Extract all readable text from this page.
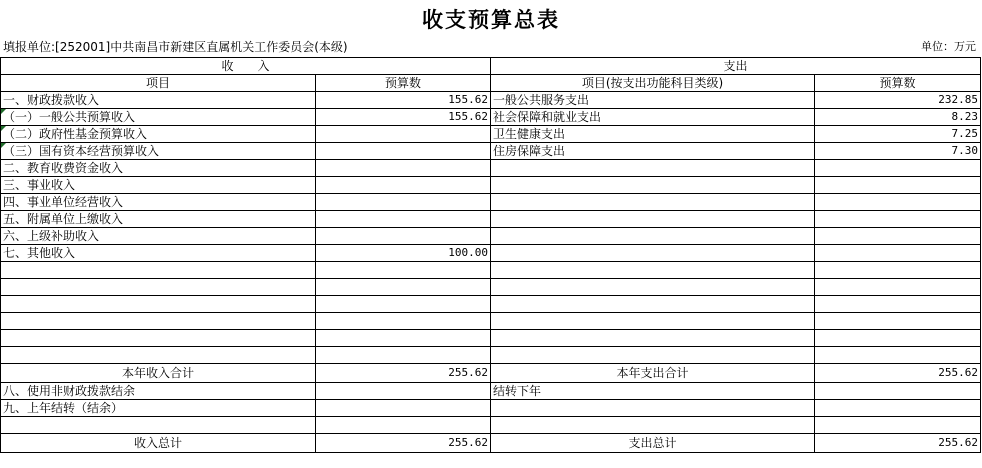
收支预算总表
填报单位:[252001]中共南昌市新建区直属机关工作委员会(本级)	单位：万元
收　　入		支出	
项目	预算数	项目(按支出功能科目类级)	预算数
一、财政拨款收入	155.62	一般公共服务支出	232.85
（一）一般公共预算收入	155.62	社会保障和就业支出	8.23
（二）政府性基金预算收入		卫生健康支出	7.25
（三）国有资本经营预算收入		住房保障支出	7.30
二、教育收费资金收入			
三、事业收入			
四、事业单位经营收入			
五、附属单位上缴收入			
六、上级补助收入			
七、其他收入	100.00		

本年收入合计	255.62	本年支出合计	255.62
八、使用非财政拨款结余		结转下年	
九、上年结转（结余）			

收入总计	255.62	支出总计	255.62
